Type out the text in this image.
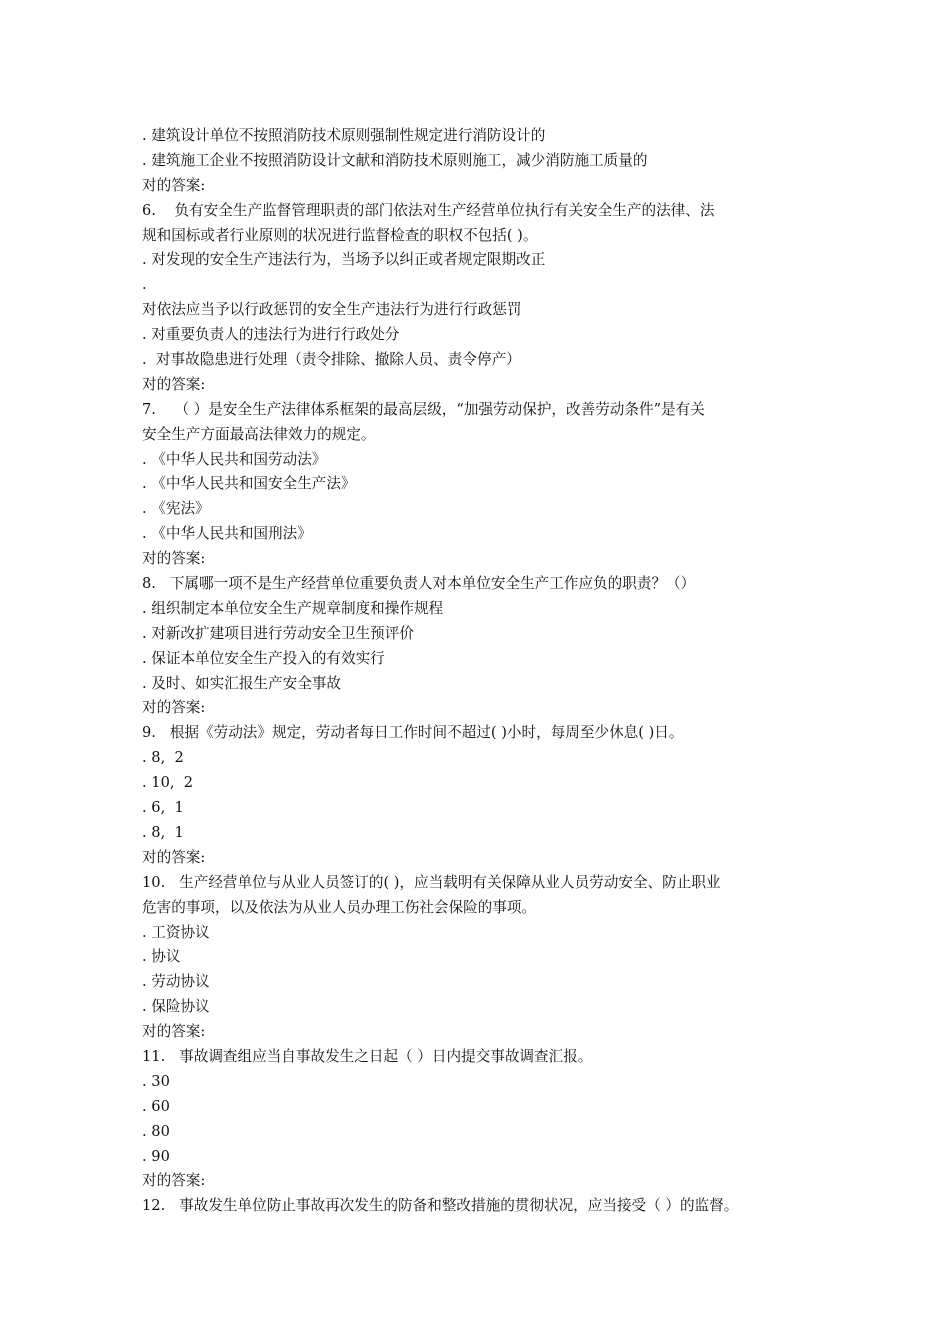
. 建筑设计单位不按照消防技术原则强制性规定进行消防设计的
. 建筑施工企业不按照消防设计文献和消防技术原则施工，减少消防施工质量的
对的答案:
6.    负有安全生产监督管理职责的部门依法对生产经营单位执行有关安全生产的法律、法
规和国标或者行业原则的状况进行监督检查的职权不包括( )。
. 对发现的安全生产违法行为，当场予以纠正或者规定限期改正
.
对依法应当予以行政惩罚的安全生产违法行为进行行政惩罚
. 对重要负责人的违法行为进行行政处分
.  对事故隐患进行处理（责令排除、撤除人员、责令停产）
对的答案:
7.    （ ）是安全生产法律体系框架的最高层级，“加强劳动保护，改善劳动条件”是有关
安全生产方面最高法律效力的规定。
. 《中华人民共和国劳动法》
. 《中华人民共和国安全生产法》
. 《宪法》
. 《中华人民共和国刑法》
对的答案:
8.   下属哪一项不是生产经营单位重要负责人对本单位安全生产工作应负的职责？（）
. 组织制定本单位安全生产规章制度和操作规程
. 对新改扩建项目进行劳动安全卫生预评价
. 保证本单位安全生产投入的有效实行
. 及时、如实汇报生产安全事故
对的答案:
9.   根据《劳动法》规定，劳动者每日工作时间不超过( )小时，每周至少休息( )日。
. 8,  2
. 10,  2
. 6,  1
. 8,  1
对的答案:
10.   生产经营单位与从业人员签订的( )，应当载明有关保障从业人员劳动安全、防止职业
危害的事项，以及依法为从业人员办理工伤社会保险的事项。
. 工资协议
. 协议
. 劳动协议
. 保险协议
对的答案:
11.   事故调查组应当自事故发生之日起（ ）日内提交事故调查汇报。
. 30
. 60
. 80
. 90
对的答案:
12.   事故发生单位防止事故再次发生的防备和整改措施的贯彻状况，应当接受（ ）的监督。
